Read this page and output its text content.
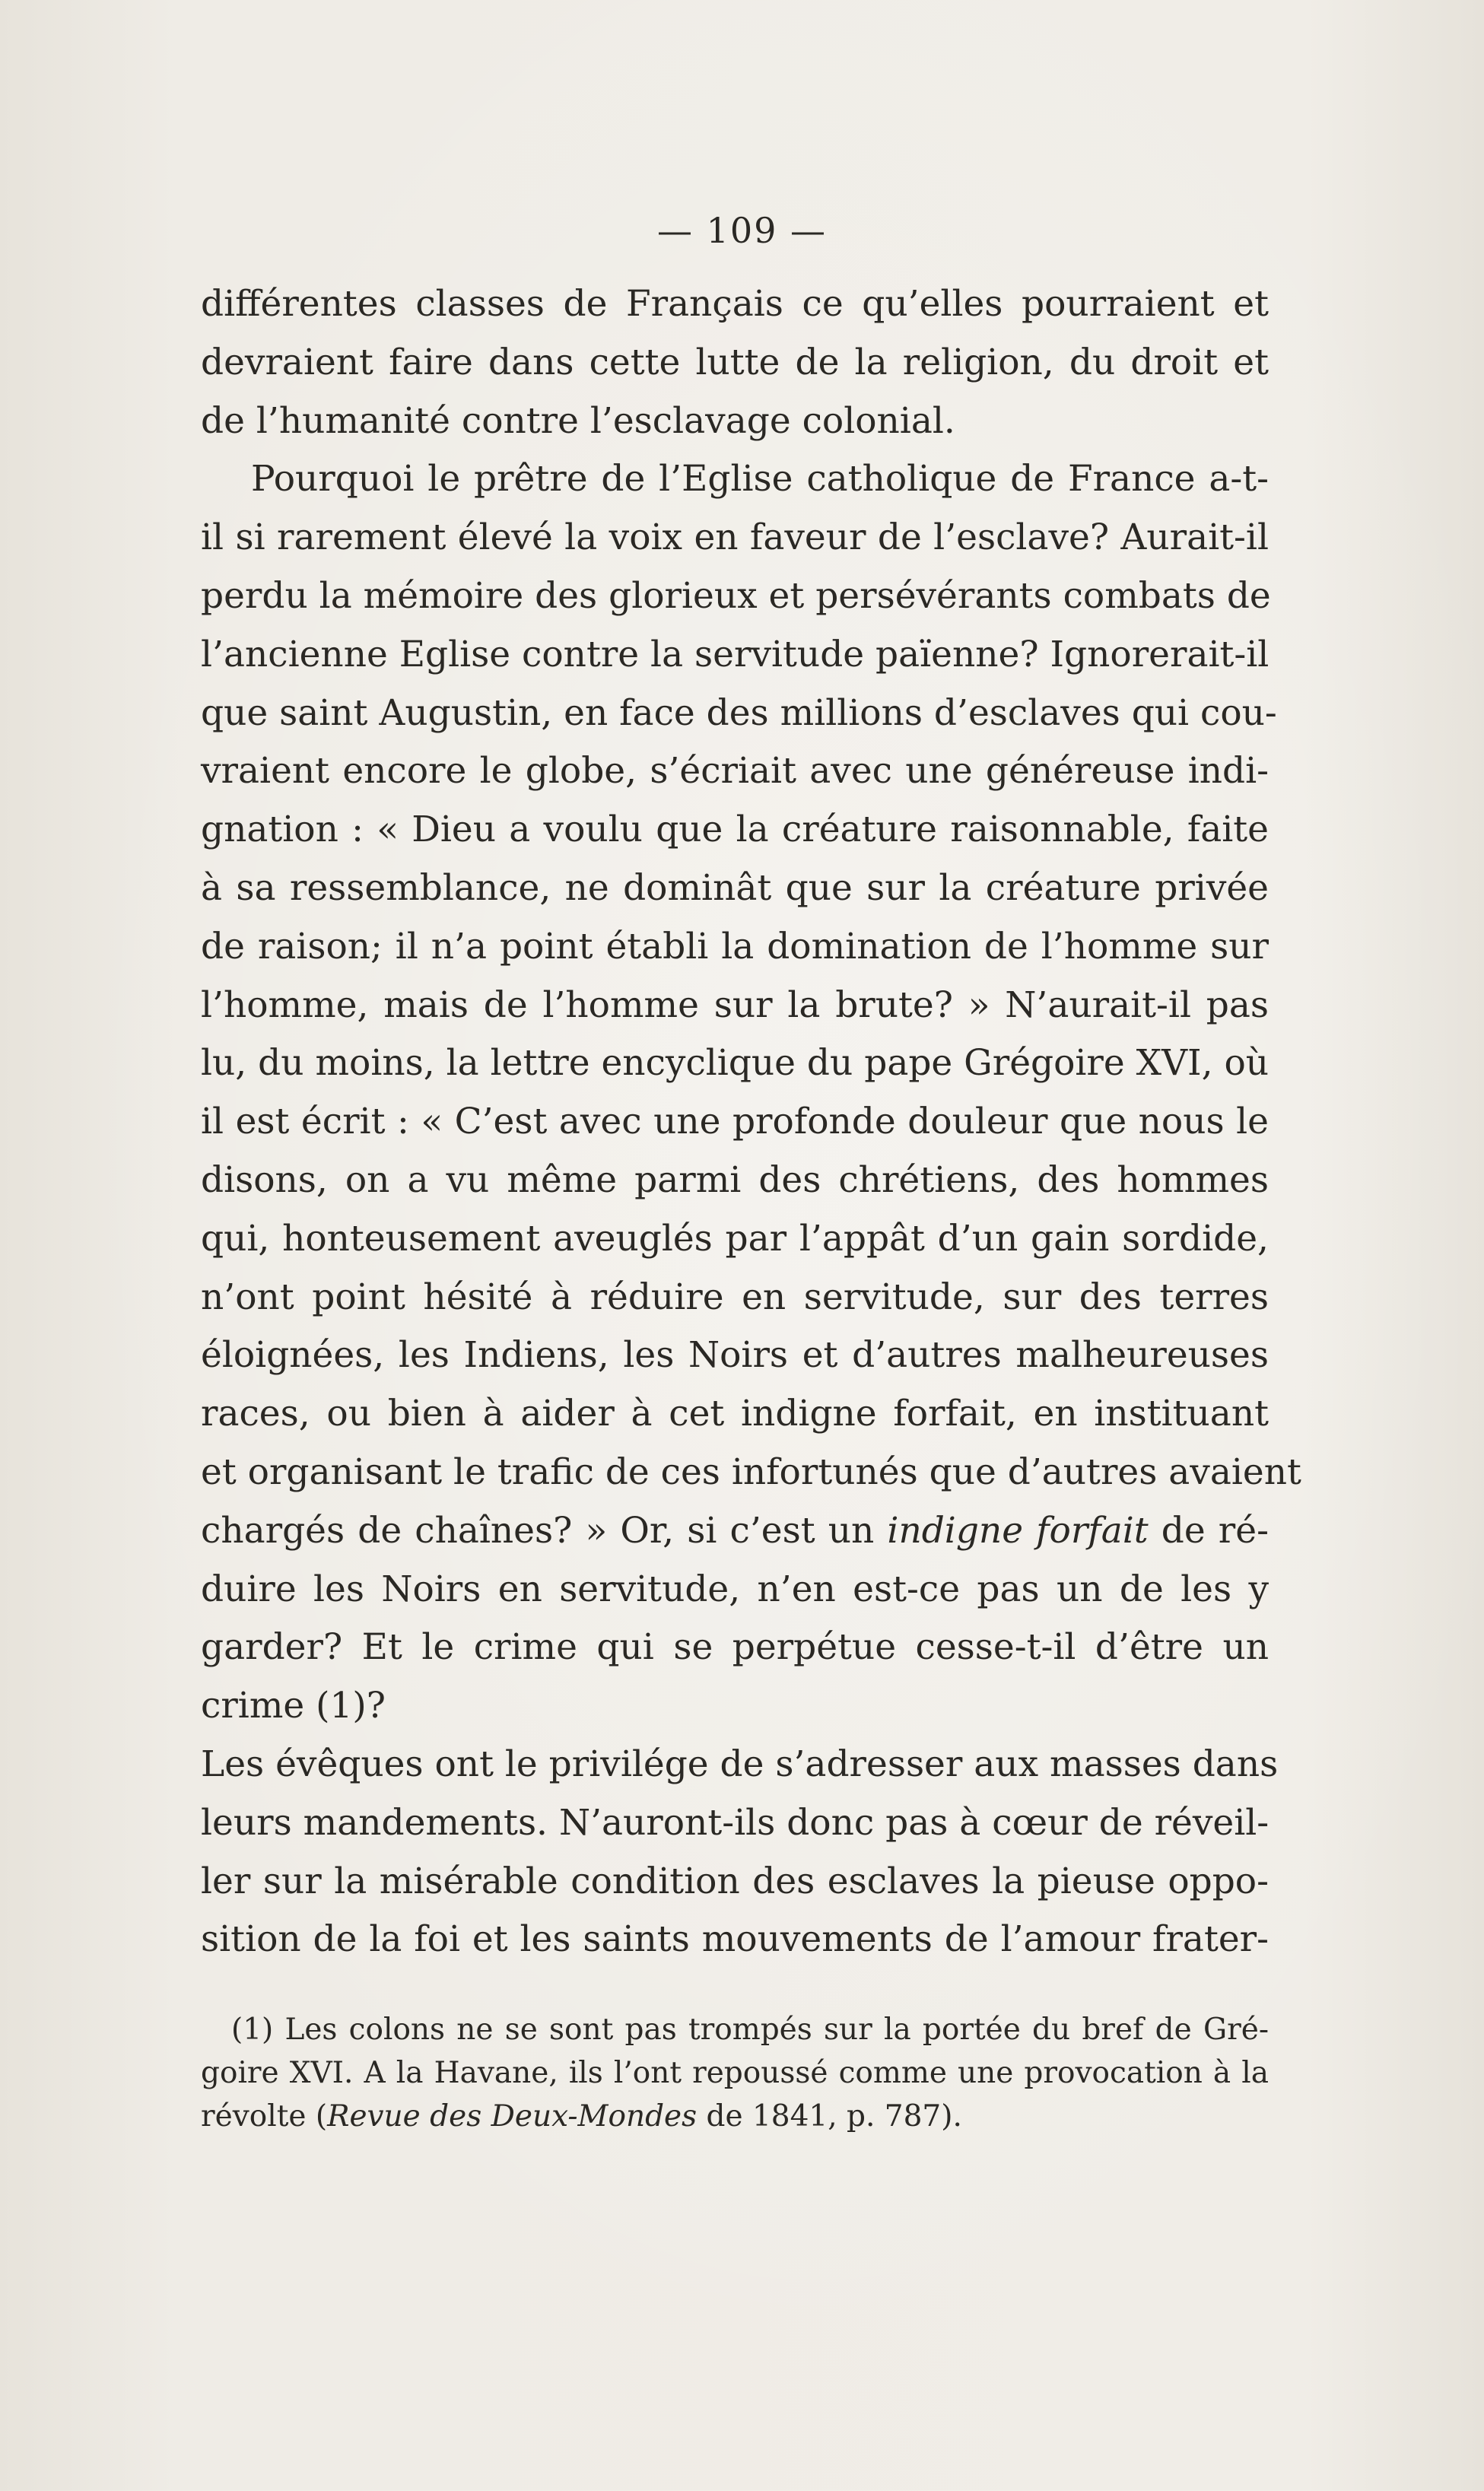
— 109 —

différentes classes de Français ce qu’elles pourraient et
devraient faire dans cette lutte de la religion, du droit et
de l’humanité contre l’esclavage colonial.

Pourquoi le prêtre de l’Eglise catholique de France a-t-
il si rarement élevé la voix en faveur de l’esclave? Aurait-il
perdu la mémoire des glorieux et persévérants combats de
l’ancienne Eglise contre la servitude païenne? Ignorerait-il
que saint Augustin, en face des millions d’esclaves qui cou-
vraient encore le globe, s’écriait avec une généreuse indi-
gnation : « Dieu a voulu que la créature raisonnable, faite
à sa ressemblance, ne dominât que sur la créature privée
de raison; il n’a point établi la domination de l’homme sur
l’homme, mais de l’homme sur la brute? » N’aurait-il pas
lu, du moins, la lettre encyclique du pape Grégoire XVI, où
il est écrit : « C’est avec une profonde douleur que nous le
disons, on a vu même parmi des chrétiens, des hommes
qui, honteusement aveuglés par l’appât d’un gain sordide,
n’ont point hésité à réduire en servitude, sur des terres
éloignées, les Indiens, les Noirs et d’autres malheureuses
races, ou bien à aider à cet indigne forfait, en instituant
et organisant le trafic de ces infortunés que d’autres avaient
chargés de chaînes? » Or, si c’est un indigne forfait de ré-
duire les Noirs en servitude, n’en est-ce pas un de les y
garder? Et le crime qui se perpétue cesse-t-il d’être un
crime (1)?

Les évêques ont le privilége de s’adresser aux masses dans
leurs mandements. N’auront-ils donc pas à cœur de réveil-
ler sur la misérable condition des esclaves la pieuse oppo-
sition de la foi et les saints mouvements de l’amour frater-

(1) Les colons ne se sont pas trompés sur la portée du bref de Gré-
goire XVI. A la Havane, ils l’ont repoussé comme une provocation à la
révolte (Revue des Deux-Mondes de 1841, p. 787).
